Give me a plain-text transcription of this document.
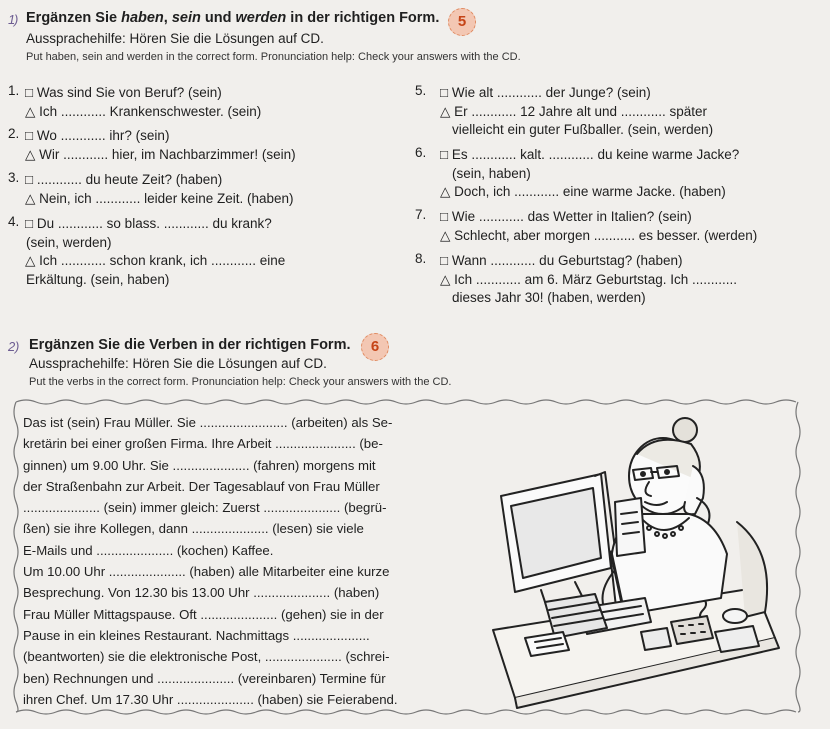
1
) Ergänzen Sie haben, sein und werden in der richtigen Form.	5
Aussprachehilfe: Hören Sie die Lösungen auf CD.
Put haben, sein and werden in the correct form. Pronunciation help: Check your answers with the CD.
1. □ Was sind Sie von Beruf? (sein)
△ Ich ............ Krankenschwester. (sein)
2. □ Wo ............ ihr? (sein)
△ Wir ............ hier, im Nachbarzimmer! (sein)
3. □ ............ du heute Zeit? (haben)
△ Nein, ich ............ leider keine Zeit. (haben)
4. □ Du ............ so blass. ............ du krank?
(sein, werden)
△ Ich ............ schon krank, ich ............ eine
Erkältung. (sein, haben)
5. □ Wie alt ............ der Junge? (sein)
△ Er ............ 12 Jahre alt und ............ später
vielleicht ein guter Fußballer. (sein, werden)
6. □ Es ............ kalt. ............ du keine warme Jacke?
(sein, haben)
△ Doch, ich ............ eine warme Jacke. (haben)
7. □ Wie ............ das Wetter in Italien? (sein)
△ Schlecht, aber morgen ........... es besser. (werden)
8. □ Wann ............ du Geburtstag? (haben)
△ Ich ............ am 6. März Geburtstag. Ich ............
dieses Jahr 30! (haben, werden)
2 ) Ergänzen Sie die Verben in der richtigen Form.	6
Aussprachehilfe: Hören Sie die Lösungen auf CD.
Put the verbs in the correct form. Pronunciation help: Check your answers with the CD.
Das ist (sein) Frau Müller. Sie ........................ (arbeiten) als Se-
kretärin bei einer großen Firma. Ihre Arbeit ...................... (be-
ginnen) um 9.00 Uhr. Sie ..................... (fahren) morgens mit
der Straßenbahn zur Arbeit. Der Tagesablauf von Frau Müller
..................... (sein) immer gleich: Zuerst ..................... (begrü-
ßen) sie ihre Kollegen, dann ..................... (lesen) sie viele
E-Mails und ..................... (kochen) Kaffee.
Um 10.00 Uhr ..................... (haben) alle Mitarbeiter eine kurze
Besprechung. Von 12.30 bis 13.00 Uhr ..................... (haben)
Frau Müller Mittagspause. Oft ..................... (gehen) sie in der
Pause in ein kleines Restaurant. Nachmittags .....................
(beantworten) sie die elektronische Post, ..................... (schrei-
ben) Rechnungen und ..................... (vereinbaren) Termine für
ihren Chef. Um 17.30 Uhr ..................... (haben) sie Feierabend.
